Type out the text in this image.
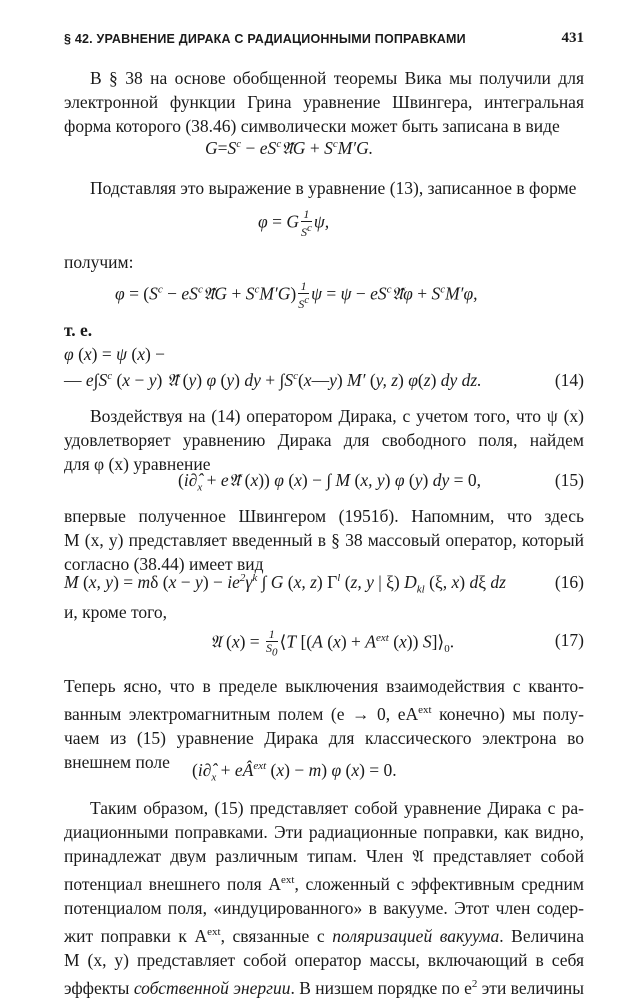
§ 42. УРАВНЕНИЕ ДИРАКА С РАДИАЦИОННЫМИ ПОПРАВКАМИ	431
В § 38 на основе обобщенной теоремы Вика мы получили для
электронной функции Грина уравнение Швингера, интегральная
форма которого (38.46) символически может быть записана в виде
$G=S^c$ − $eS^c𝔄̂G + S^cM'G$.
Подставляя это выражение в уравнение (13), записанное в форме
φ = G $\frac{1}{S^c} \psi$,
получим:
$\varphi = (S^c$ − $eS^c𝔄̂G + S^cM'G) \frac{1}{S^c}$ $\psi = \psi - eS^c𝔄̂\varphi + S^cM'\varphi$,
т. е.
φ (x) = ψ (x) −
— $e\int S^c$ (x − y) 𝔄̂ (y) φ (y) dy + $\int S^c(x—y)$ M′ (y, z) φ(z) dy dz.	(14)
Воздействуя на (14) оператором Дирака, с учетом того, что ψ (x)
удовлетворяет уравнению Дирака для свободного поля, найдем
для φ (x) уравнение
($i\partial̂_x$ + e𝔄̂ (x)) φ (x) − ∫ M (x, y) φ (y) dy = 0,	(15)
впервые полученное Швингером (1951б). Напомним, что здесь
M (x, y) представляет введенный в § 38 массовый оператор, который
согласно (38.44) имеет вид
M (x, y) = mδ $(x - y) - ie^2\gamma^k$ ∫ G (x, z) $\Gamma^l$ (z, y | ξ) $D_{kl}$ (ξ, x) dξ dz	(16)
и, кроме того,
𝔄 $(x) = \frac{1}{S_0}$ ⟨T [(A $(x) + A^{ext}$ (x)) $S]⟩_0$.	(17)
Теперь ясно, что в пределе выключения взаимодействия с кванто-
ванным электромагнитным полем (e → 0, $eA^{ext}$ конечно) мы полу-
чаем из (15) уравнение Дирака для классического электрона во
внешнем поле	($i\partial̂_x$ + $eÂ^{ext}$ (x) − m) φ (x) = 0.
Таким образом, (15) представляет собой уравнение Дирака с ра-
диационными поправками. Эти радиационные поправки, как видно,
принадлежат двум различным типам. Член 𝔄 представляет собой
потенциал внешнего поля $A^{ext}$, сложенный с эффективным средним
потенциалом поля, «индуцированного» в вакууме. Этот член содер-
жит поправки к $A^{ext}$, связанные с поляризацией вакуума. Величина
M (x, y) представляет собой оператор массы, включающий в себя
эффекты собственной энергии. В низшем порядке по $e^2$ эти величины
